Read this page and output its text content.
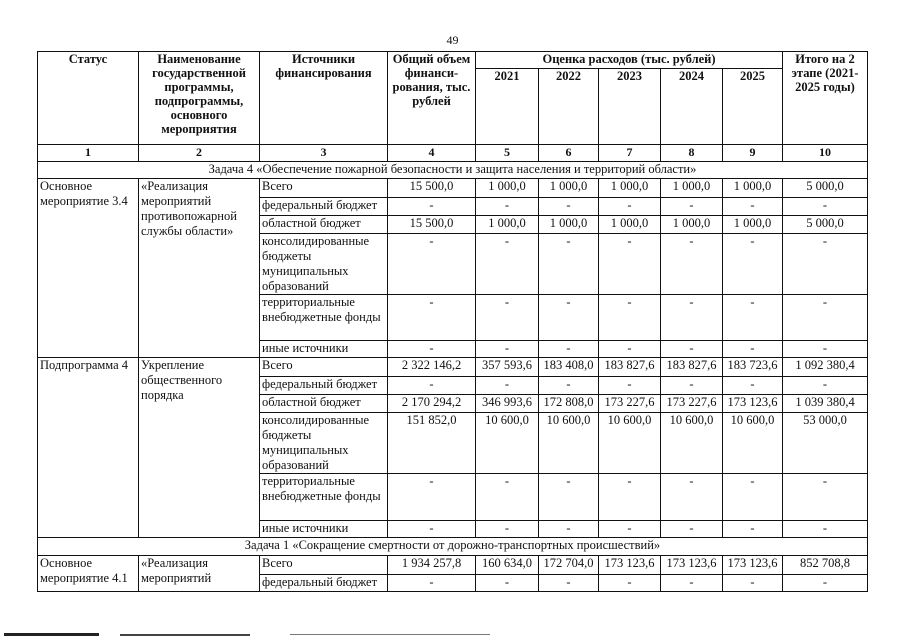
49
Статус	Наименование государственной программы, подпрограммы, основного мероприятия	Источники финансирования	Общий объем финанси-рования, тыс. рублей	Оценка расходов (тыс. рублей)					Итого на 2 этапе (2021-2025 годы)
				2021	2022	2023	2024	2025	
1	2	3	4	5	6	7	8	9	10
Задача 4 «Обеспечение пожарной безопасности и защита населения и территорий области»									
Основное мероприятие 3.4	«Реализация мероприятий противопожарной службы области»	Всего	15 500,0	1 000,0	1 000,0	1 000,0	1 000,0	1 000,0	5 000,0
		федеральный бюджет	-	-	-	-	-	-	-
		областной бюджет	15 500,0	1 000,0	1 000,0	1 000,0	1 000,0	1 000,0	5 000,0
		консолидированные бюджеты муниципальных образований	-	-	-	-	-	-	-
		территориальные внебюджетные фонды	-	-	-	-	-	-	-
		иные источники	-	-	-	-	-	-	-
Подпрограмма 4	Укрепление общественного порядка	Всего	2 322 146,2	357 593,6	183 408,0	183 827,6	183 827,6	183 723,6	1 092 380,4
		федеральный бюджет	-	-	-	-	-	-	-
		областной бюджет	2 170 294,2	346 993,6	172 808,0	173 227,6	173 227,6	173 123,6	1 039 380,4
		консолидированные бюджеты муниципальных образований	151 852,0	10 600,0	10 600,0	10 600,0	10 600,0	10 600,0	53 000,0
		территориальные внебюджетные фонды	-	-	-	-	-	-	-
		иные источники	-	-	-	-	-	-	-
Задача 1 «Сокращение смертности от дорожно-транспортных происшествий»									
Основное мероприятие 4.1	«Реализация мероприятий	Всего	1 934 257,8	160 634,0	172 704,0	173 123,6	173 123,6	173 123,6	852 708,8
		федеральный бюджет	-	-	-	-	-	-	-
